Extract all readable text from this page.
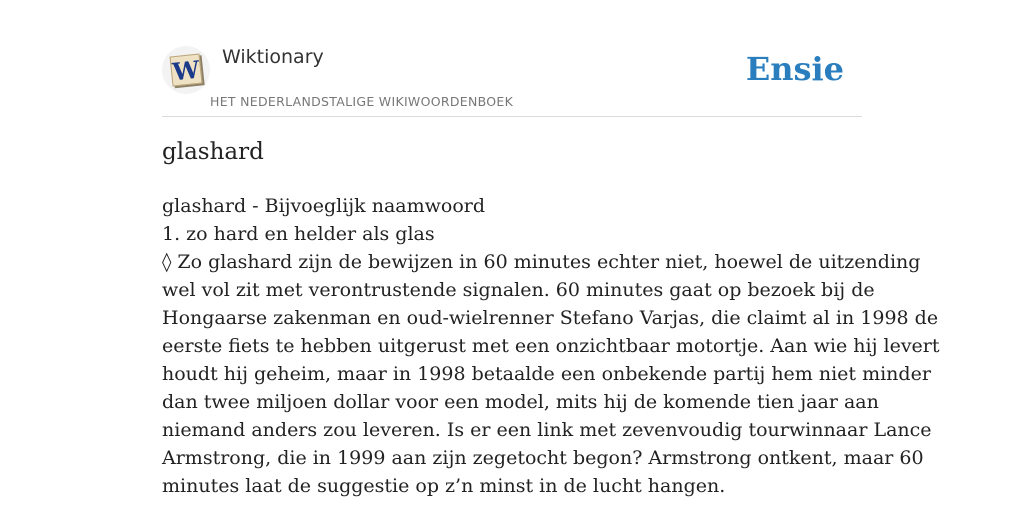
W Wiktionary
HET NEDERLANDSTALIGE WIKIWOORDENBOEK
Ensie
glashard
glashard - Bijvoeglijk naamwoord
1. zo hard en helder als glas
◊ Zo glashard zijn de bewijzen in 60 minutes echter niet, hoewel de uitzending
wel vol zit met verontrustende signalen. 60 minutes gaat op bezoek bij de
Hongaarse zakenman en oud-wielrenner Stefano Varjas, die claimt al in 1998 de
eerste fiets te hebben uitgerust met een onzichtbaar motortje. Aan wie hij levert
houdt hij geheim, maar in 1998 betaalde een onbekende partij hem niet minder
dan twee miljoen dollar voor een model, mits hij de komende tien jaar aan
niemand anders zou leveren. Is er een link met zevenvoudig tourwinnaar Lance
Armstrong, die in 1999 aan zijn zegetocht begon? Armstrong ontkent, maar 60
minutes laat de suggestie op z’n minst in de lucht hangen.
